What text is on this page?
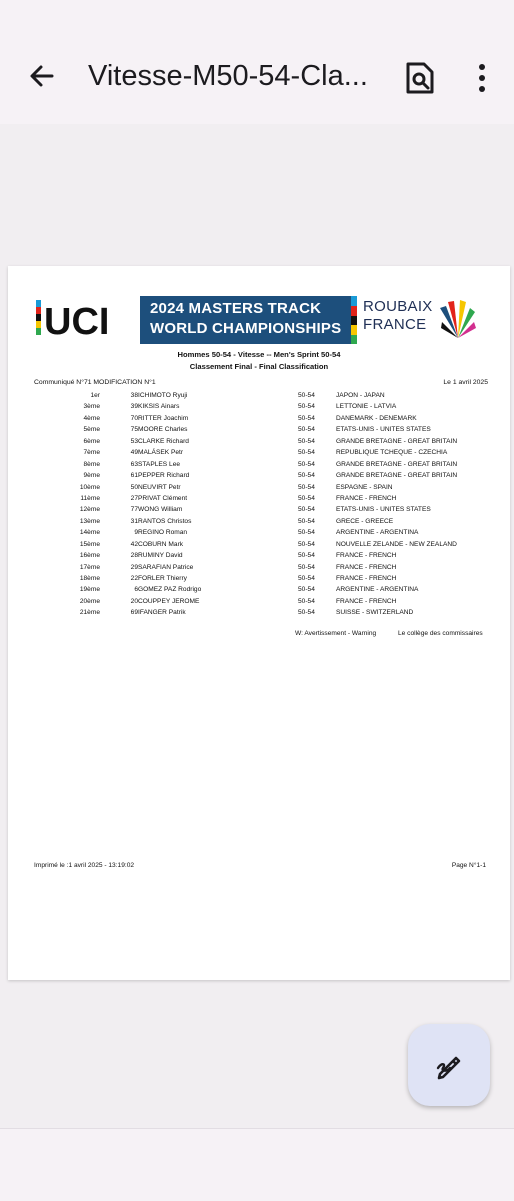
Vitesse-M50-54-Cla...
UCI	2024 MASTERS TRACK
WORLD CHAMPIONSHIPS
ROUBAIX
FRANCE
Hommes 50-54 - Vitesse -- Men's Sprint 50-54
Classement Final - Final Classification
Communiqué N°71 MODIFICATION N°1	Le 1 avril 2025
1er	38 ICHIMOTO Ryuji	50-54	JAPON - JAPAN
3ème	39 KIKSIS Ainars	50-54	LETTONIE - LATVIA
4ème	70 RITTER Joachim	50-54	DANEMARK - DENEMARK
5ème	75 MOORE Charles	50-54	ETATS-UNIS - UNITES STATES
6ème	53 CLARKE Richard	50-54	GRANDE BRETAGNE - GREAT BRITAIN
7ème	49 MALÁSEK Petr	50-54	REPUBLIQUE TCHEQUE - CZECHIA
8ème	63 STAPLES Lee	50-54	GRANDE BRETAGNE - GREAT BRITAIN
9ème	61 PEPPER Richard	50-54	GRANDE BRETAGNE - GREAT BRITAIN
10ème	50 NEUVIRT Petr	50-54	ESPAGNE - SPAIN
11ème	27 PRIVAT Clément	50-54	FRANCE - FRENCH
12ème	77 WONG William	50-54	ETATS-UNIS - UNITES STATES
13ème	31 RANTOS Christos	50-54	GRECE - GREECE
14ème	9 REGINO Roman	50-54	ARGENTINE - ARGENTINA
15ème	42 COBURN Mark	50-54	NOUVELLE ZELANDE - NEW ZEALAND
16ème	28 RUMINY David	50-54	FRANCE - FRENCH
17ème	29 SARAFIAN Patrice	50-54	FRANCE - FRENCH
18ème	22 FORLER Thierry	50-54	FRANCE - FRENCH
19ème	6 GOMEZ PAZ Rodrigo	50-54	ARGENTINE - ARGENTINA
20ème	20 COUPPEY JEROME	50-54	FRANCE - FRENCH
21ème	69 IFANGER Patrik	50-54	SUISSE - SWITZERLAND
W: Avertissement - Warning	Le collège des commissaires
Imprimé le :1 avril 2025 - 13:19:02	Page N°1-1
